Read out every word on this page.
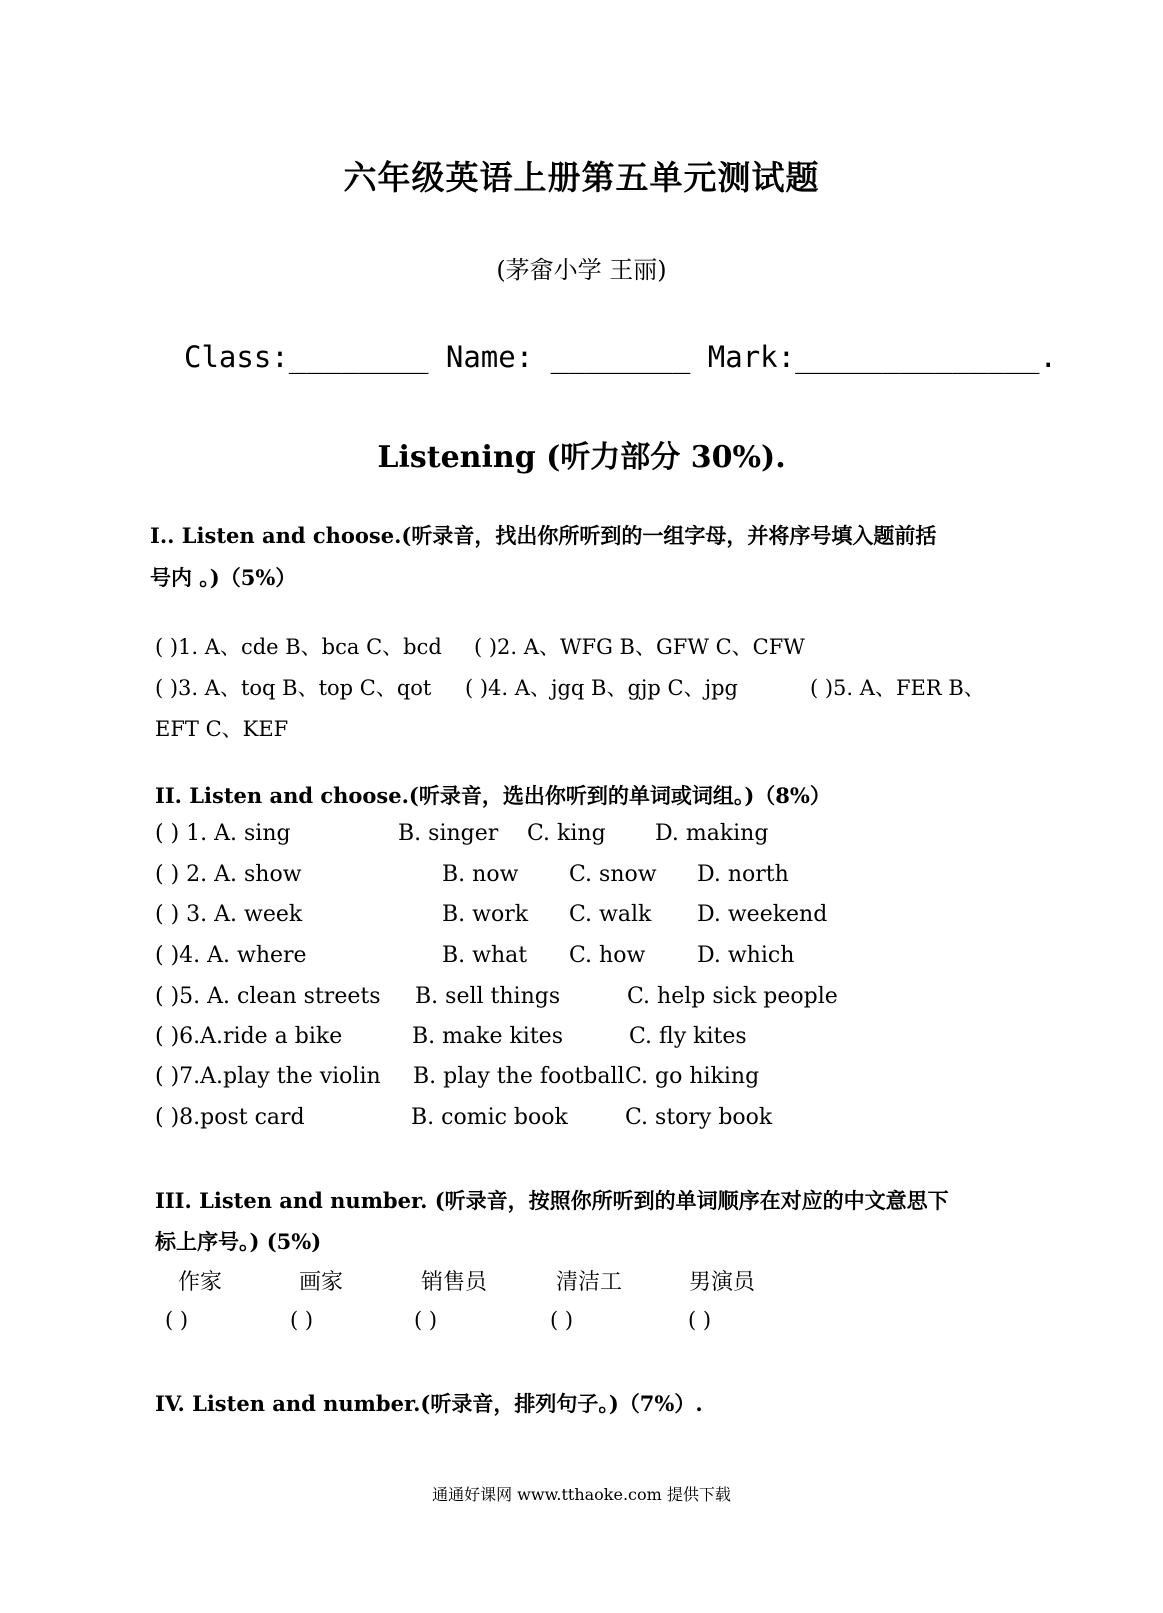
六年级英语上册第五单元测试题
(茅畲小学 王丽)
Class:________ Name: ________ Mark:______________.
Listening (听力部分 30%).
I.. Listen and choose.(听录音，找出你所听到的一组字母，并将序号填入题前括
号内 。)（5%）
( )1. A、cde B、bca C、bcd ( )2. A、WFG B、GFW C、CFW
( )3. A、toq B、top C、qot ( )4. A、jgq B、gjp C、jpg	( )5. A、FER B、
EFT C、KEF
II. Listen and choose.(听录音，选出你听到的单词或词组。)（8%）
( ) 1. A. sing	B. singer C. king D. making
( ) 2. A. show	B. now C. snow D. north
( ) 3. A. week	B. work C. walk D. weekend
( )4. A. where	B. what C. how D. which
( )5. A. clean streets B. sell things	C. help sick people
( )6.A.ride a bike	B. make kites	C. fly kites
( )7.A.play the violin B. play the football C. go hiking
( )8.post card	B. comic book	C. story book
III. Listen and number. (听录音，按照你所听到的单词顺序在对应的中文意思下
标上序号。) (5%)
作家	画家	销售员	清洁工	男演员
( )	( )	( )	( )	( )
IV. Listen and number.(听录音，排列句子。)（7%）.
通通好课网 www.tthaoke.com 提供下载
